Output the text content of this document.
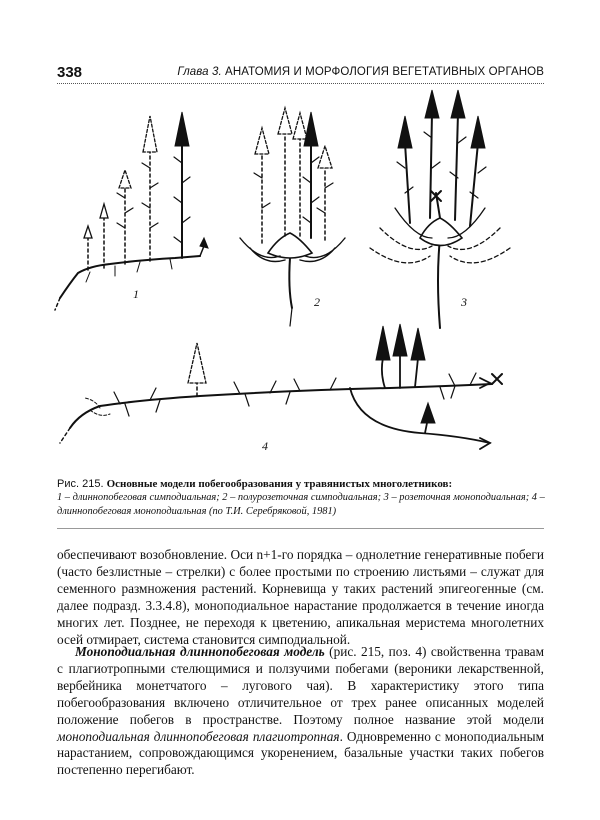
338	Глава 3. АНАТОМИЯ И МОРФОЛОГИЯ ВЕГЕТАТИВНЫХ ОРГАНОВ
1
2	3
4
Рис. 215. Основные модели побегообразования у травянистых многолетников:
1 – длиннопобеговая симподиальная; 2 – полурозеточная симподиальная; 3 – розеточная моноподиальная; 4 – длиннопобеговая моноподиальная (по Т.И. Серебряковой, 1981)
обеспечивают возобновление. Оси n+1-го порядка – однолетние генеративные побеги (часто безлистные – стрелки) с более простыми по строению листьями – служат для семенного размножения растений. Корневища у таких растений эпигеогенные (см. далее подразд. 3.3.4.8), моноподиальное нарастание продолжается в течение иногда многих лет. Позднее, не переходя к цветению, апикальная меристема многолетних осей отмирает, система становится симподиальной.
Моноподиальная длиннопобеговая модель (рис. 215, поз. 4) свойственна травам с плагиотропными стелющимися и ползучими побегами (вероники лекарственной, вербейника монетчатого – лугового чая). В характеристику этого типа побегообразования включено отличительное от трех ранее описанных моделей положение побегов в пространстве. Поэтому полное название этой модели моноподиальная длиннопобеговая плагиотропная. Одновременно с моноподиальным нарастанием, сопровождающимся укоренением, базальные участки таких побегов постепенно перегибают.
